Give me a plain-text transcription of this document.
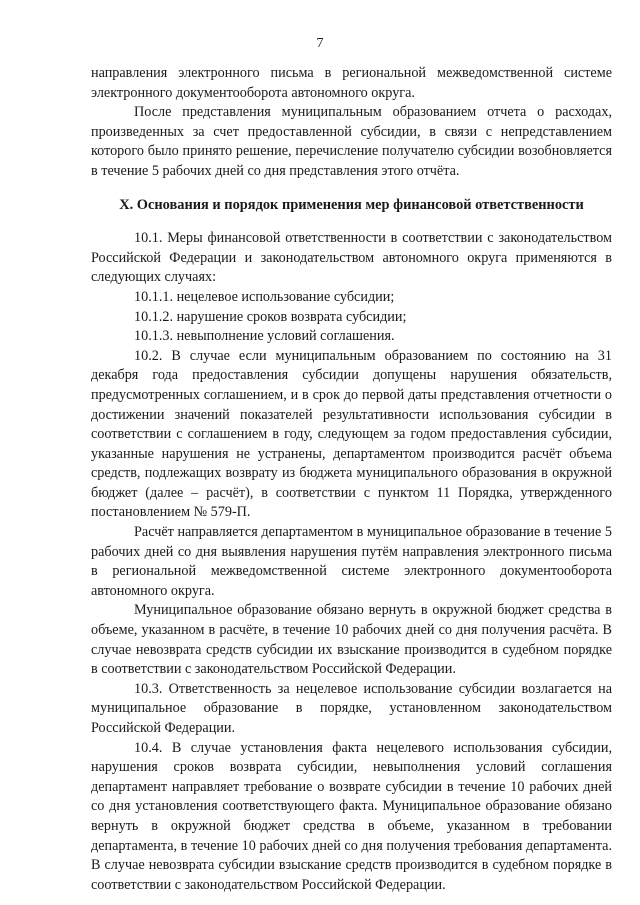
7

направления электронного письма в региональной межведомственной системе электронного документооборота автономного округа.

После представления муниципальным образованием отчета о расходах, произведенных за счет предоставленной субсидии, в связи с непредставлением которого было принято решение, перечисление получателю субсидии возобновляется в течение 5 рабочих дней со дня представления этого отчёта.

X. Основания и порядок применения мер финансовой ответственности

10.1. Меры финансовой ответственности в соответствии с законодательством Российской Федерации и законодательством автономного округа применяются в следующих случаях:

10.1.1. нецелевое использование субсидии;

10.1.2. нарушение сроков возврата субсидии;

10.1.3. невыполнение условий соглашения.

10.2. В случае если муниципальным образованием по состоянию на 31 декабря года предоставления субсидии допущены нарушения обязательств, предусмотренных соглашением, и в срок до первой даты представления отчетности о достижении значений показателей результативности использования субсидии в соответствии с соглашением в году, следующем за годом предоставления субсидии, указанные нарушения не устранены, департаментом производится расчёт объема средств, подлежащих возврату из бюджета муниципального образования в окружной бюджет (далее – расчёт), в соответствии с пунктом 11 Порядка, утвержденного постановлением № 579-П.

Расчёт направляется департаментом в муниципальное образование в течение 5 рабочих дней со дня выявления нарушения путём направления электронного письма в региональной межведомственной системе электронного документооборота автономного округа.

Муниципальное образование обязано вернуть в окружной бюджет средства в объеме, указанном в расчёте, в течение 10 рабочих дней со дня получения расчёта. В случае невозврата средств субсидии их взыскание производится в судебном порядке в соответствии с законодательством Российской Федерации.

10.3. Ответственность за нецелевое использование субсидии возлагается на муниципальное образование в порядке, установленном законодательством Российской Федерации.

10.4. В случае установления факта нецелевого использования субсидии, нарушения сроков возврата субсидии, невыполнения условий соглашения департамент направляет требование о возврате субсидии в течение 10 рабочих дней со дня установления соответствующего факта. Муниципальное образование обязано вернуть в окружной бюджет средства в объеме, указанном в требовании департамента, в течение 10 рабочих дней со дня получения требования департамента. В случае невозврата субсидии взыскание средств производится в судебном порядке в соответствии с законодательством Российской Федерации.
